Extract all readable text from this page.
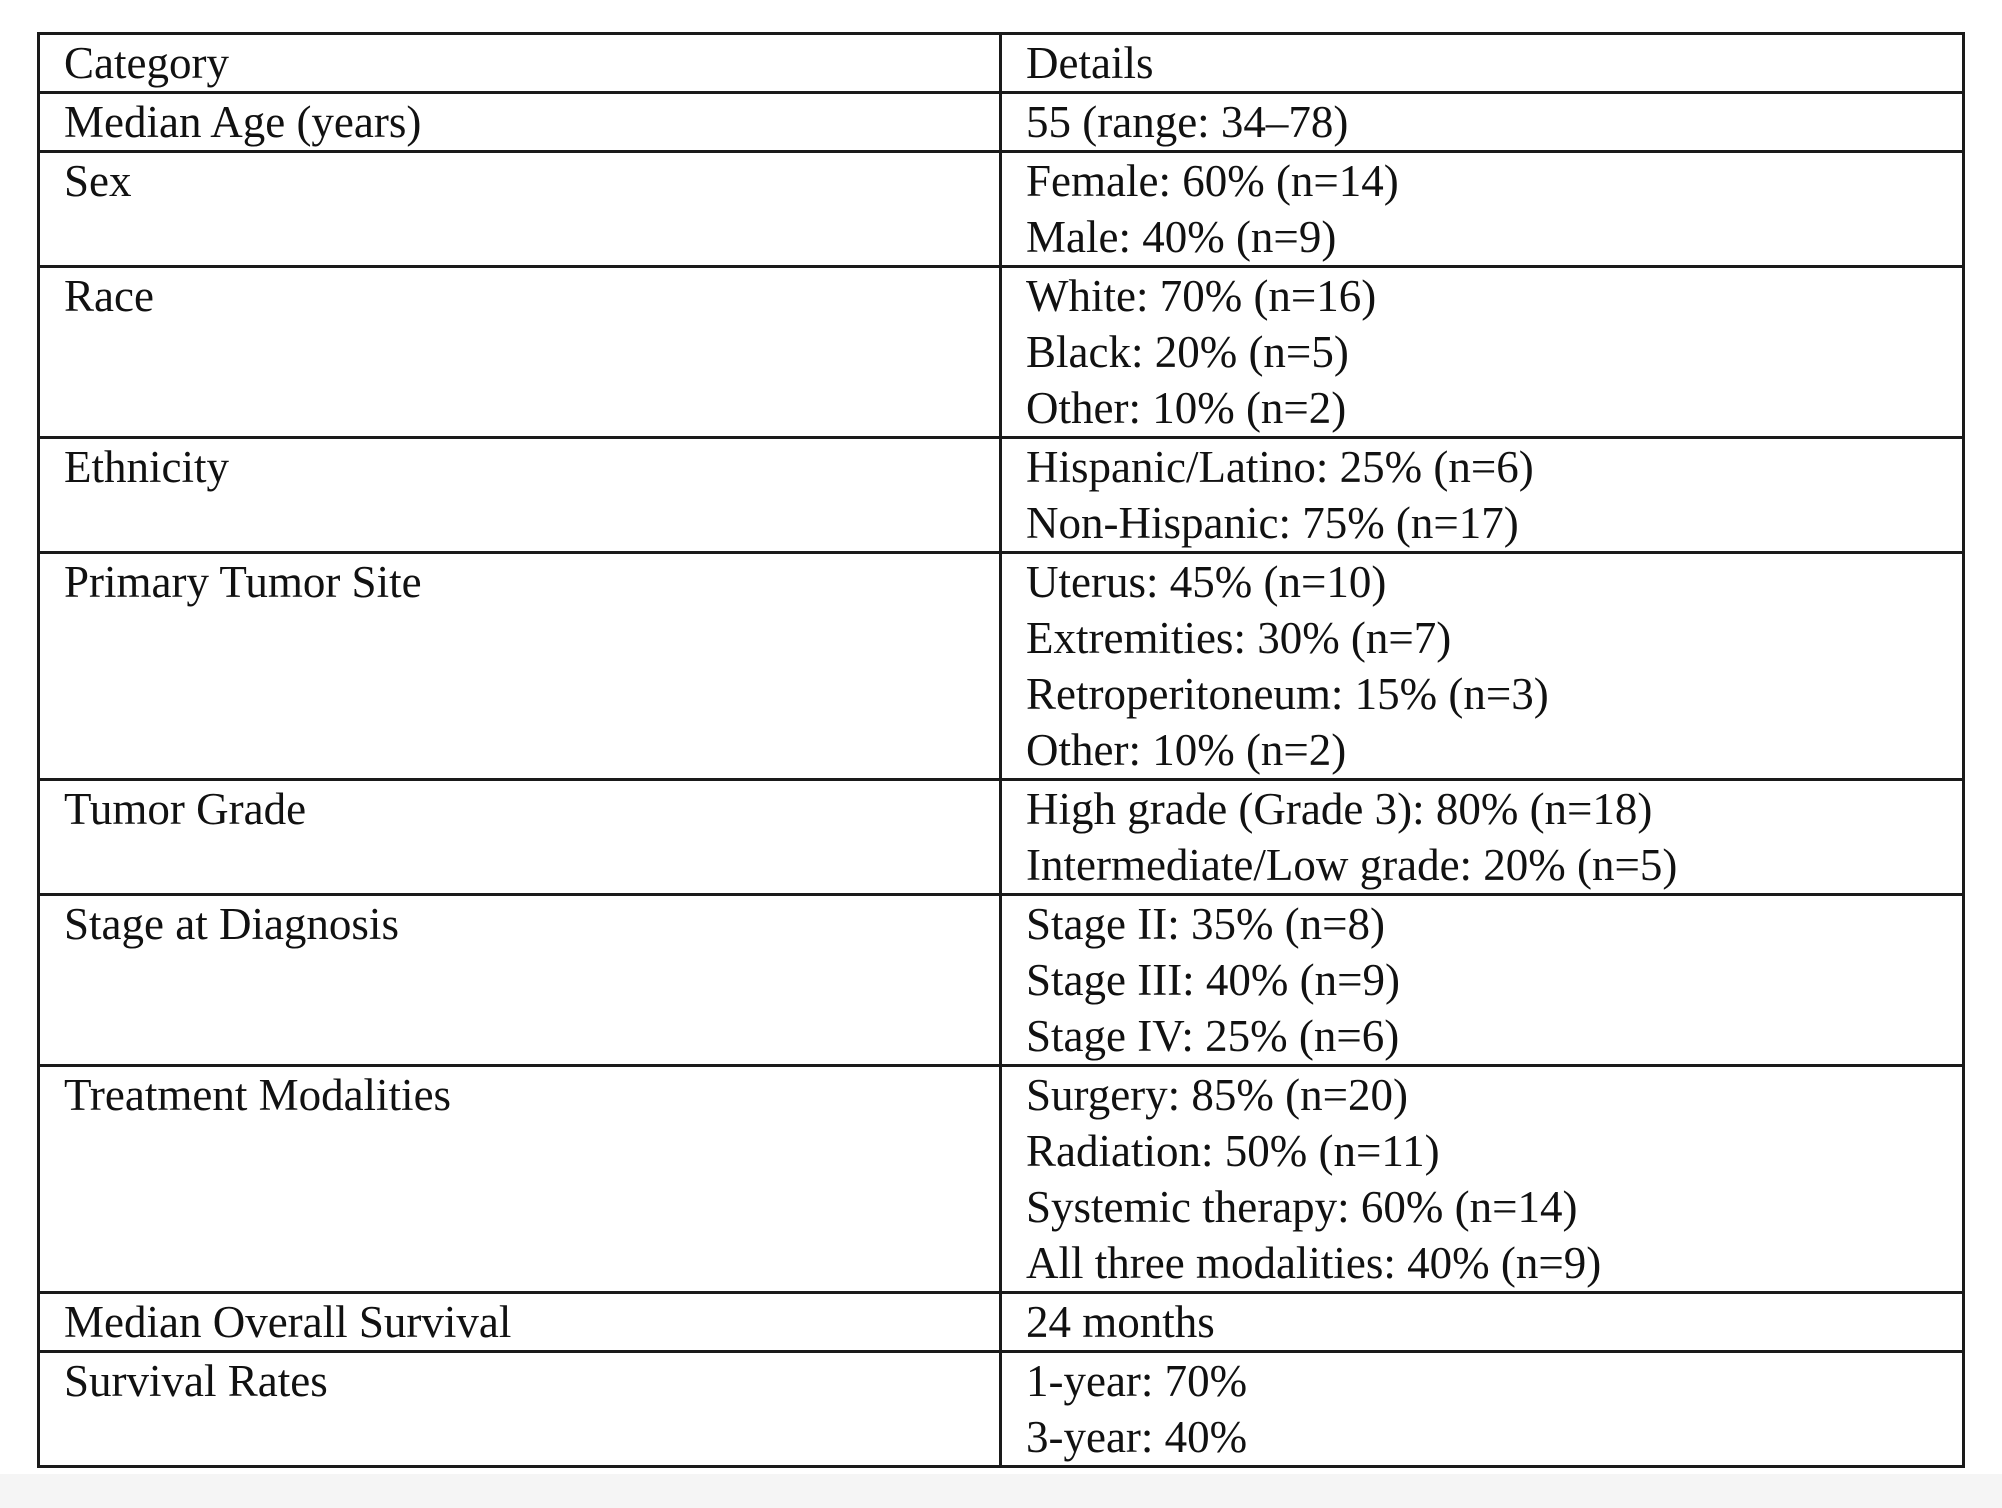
Category	Details
Median Age (years)	55 (range: 34–78)

Sex	Female: 60% (n=14)
Male: 40% (n=9)

Race	White: 70% (n=16)
Black: 20% (n=5)
Other: 10% (n=2)

Ethnicity	Hispanic/Latino: 25% (n=6)
Non-Hispanic: 75% (n=17)

Primary Tumor Site	Uterus: 45% (n=10)
Extremities: 30% (n=7)
Retroperitoneum: 15% (n=3)
Other: 10% (n=2)

Tumor Grade	High grade (Grade 3): 80% (n=18)
Intermediate/Low grade: 20% (n=5)

Stage at Diagnosis	Stage II: 35% (n=8)
Stage III: 40% (n=9)
Stage IV: 25% (n=6)

Treatment Modalities	Surgery: 85% (n=20)
Radiation: 50% (n=11)
Systemic therapy: 60% (n=14)
All three modalities: 40% (n=9)

Median Overall Survival	24 months

Survival Rates	1-year: 70%
3-year: 40%
